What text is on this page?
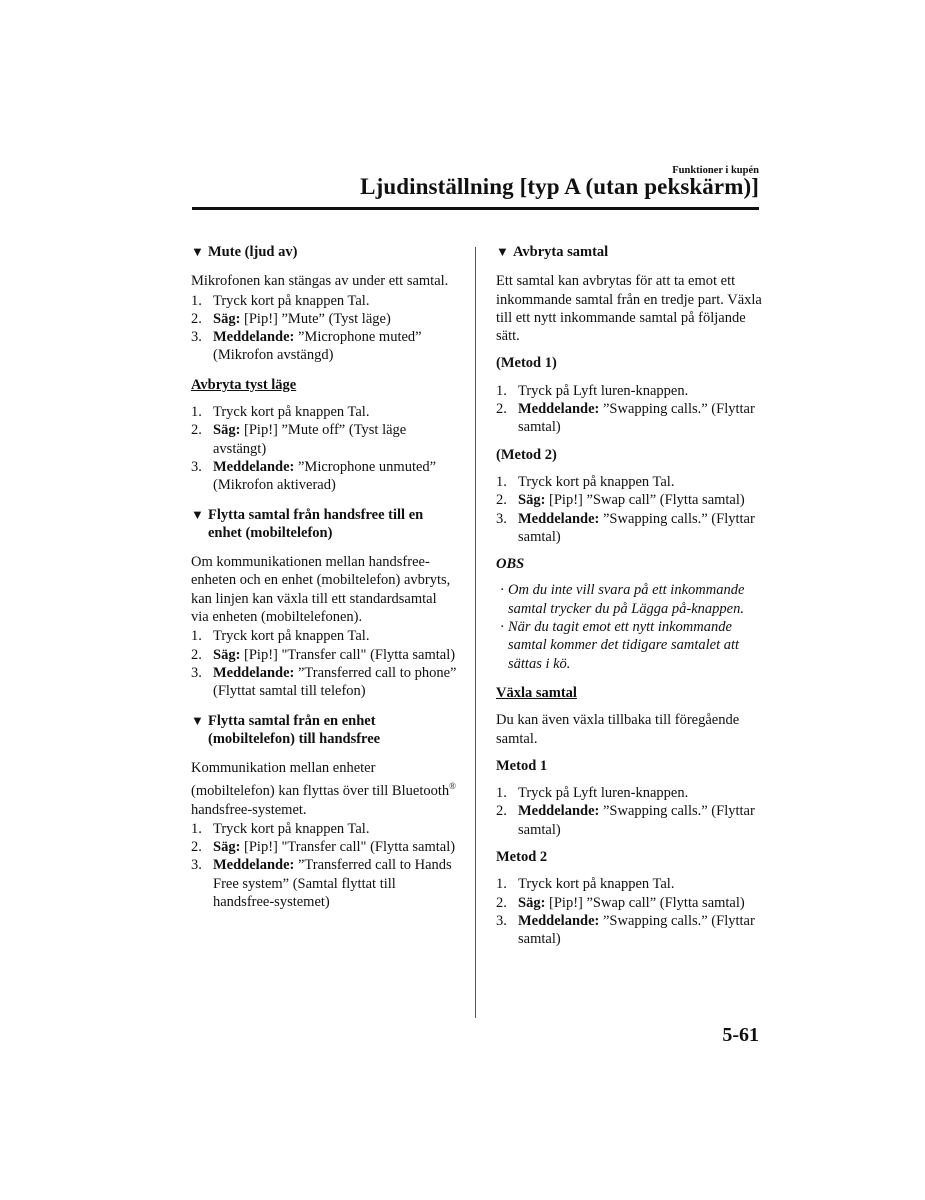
Funktioner i kupén
Ljudinställning [typ A (utan pekskärm)]
▼ Mute (ljud av)
Mikrofonen kan stängas av under ett samtal.
1. Tryck kort på knappen Tal.
2. Säg: [Pip!] ”Mute” (Tyst läge)
3. Meddelande: ”Microphone muted” (Mikrofon avstängd)
Avbryta tyst läge
1. Tryck kort på knappen Tal.
2. Säg: [Pip!] ”Mute off” (Tyst läge avstängt)
3. Meddelande: ”Microphone unmuted” (Mikrofon aktiverad)
▼ Flytta samtal från handsfree till en enhet (mobiltelefon)
Om kommunikationen mellan handsfree-enheten och en enhet (mobiltelefon) avbryts, kan linjen kan växla till ett standardsamtal via enheten (mobiltelefonen).
1. Tryck kort på knappen Tal.
2. Säg: [Pip!] "Transfer call" (Flytta samtal)
3. Meddelande: ”Transferred call to phone” (Flyttat samtal till telefon)
▼ Flytta samtal från en enhet (mobiltelefon) till handsfree
Kommunikation mellan enheter (mobiltelefon) kan flyttas över till Bluetooth® handsfree-systemet.
1. Tryck kort på knappen Tal.
2. Säg: [Pip!] "Transfer call" (Flytta samtal)
3. Meddelande: ”Transferred call to Hands Free system” (Samtal flyttat till handsfree-systemet)
▼ Avbryta samtal
Ett samtal kan avbrytas för att ta emot ett inkommande samtal från en tredje part. Växla till ett nytt inkommande samtal på följande sätt.
(Metod 1)
1. Tryck på Lyft luren-knappen.
2. Meddelande: ”Swapping calls.” (Flyttar samtal)
(Metod 2)
1. Tryck kort på knappen Tal.
2. Säg: [Pip!] ”Swap call” (Flytta samtal)
3. Meddelande: ”Swapping calls.” (Flyttar samtal)
OBS
· Om du inte vill svara på ett inkommande samtal trycker du på Lägga på-knappen.
· När du tagit emot ett nytt inkommande samtal kommer det tidigare samtalet att sättas i kö.
Växla samtal
Du kan även växla tillbaka till föregående samtal.
Metod 1
1. Tryck på Lyft luren-knappen.
2. Meddelande: ”Swapping calls.” (Flyttar samtal)
Metod 2
1. Tryck kort på knappen Tal.
2. Säg: [Pip!] ”Swap call” (Flytta samtal)
3. Meddelande: ”Swapping calls.” (Flyttar samtal)
5-61
